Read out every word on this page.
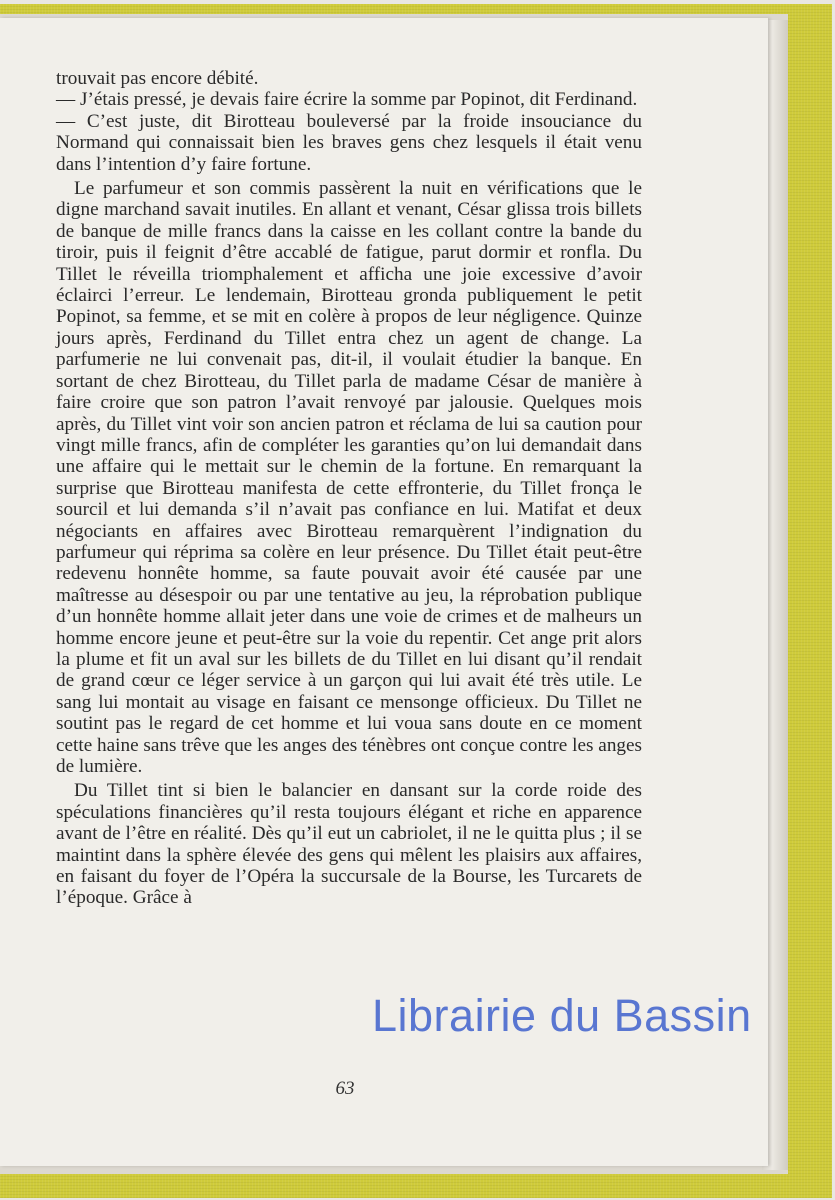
trouvait pas encore débité.

— J’étais pressé, je devais faire écrire la somme par Popinot, dit Ferdinand.

— C’est juste, dit Birotteau bouleversé par la froide insouciance du Normand qui connaissait bien les braves gens chez lesquels il était venu dans l’intention d’y faire fortune.

Le parfumeur et son commis passèrent la nuit en vérifications que le digne marchand savait inutiles. En allant et venant, César glissa trois billets de banque de mille francs dans la caisse en les collant contre la bande du tiroir, puis il feignit d’être accablé de fatigue, parut dormir et ronfla. Du Tillet le réveilla triomphalement et afficha une joie excessive d’avoir éclairci l’erreur. Le lendemain, Birotteau gronda publiquement le petit Popinot, sa femme, et se mit en colère à propos de leur négligence. Quinze jours après, Ferdinand du Tillet entra chez un agent de change. La parfumerie ne lui convenait pas, dit-il, il voulait étudier la banque. En sortant de chez Birotteau, du Tillet parla de madame César de manière à faire croire que son patron l’avait renvoyé par jalousie. Quelques mois après, du Tillet vint voir son ancien patron et réclama de lui sa caution pour vingt mille francs, afin de compléter les garanties qu’on lui demandait dans une affaire qui le mettait sur le chemin de la fortune. En remarquant la surprise que Birotteau manifesta de cette effronterie, du Tillet fronça le sourcil et lui demanda s’il n’avait pas confiance en lui. Matifat et deux négociants en affaires avec Birotteau remarquèrent l’indignation du parfumeur qui réprima sa colère en leur présence. Du Tillet était peut-être redevenu honnête homme, sa faute pouvait avoir été causée par une maîtresse au désespoir ou par une tentative au jeu, la réprobation publique d’un honnête homme allait jeter dans une voie de crimes et de malheurs un homme encore jeune et peut-être sur la voie du repentir. Cet ange prit alors la plume et fit un aval sur les billets de du Tillet en lui disant qu’il rendait de grand cœur ce léger service à un garçon qui lui avait été très utile. Le sang lui montait au visage en faisant ce mensonge officieux. Du Tillet ne soutint pas le regard de cet homme et lui voua sans doute en ce moment cette haine sans trêve que les anges des ténèbres ont conçue contre les anges de lumière.

Du Tillet tint si bien le balancier en dansant sur la corde roide des spéculations financières qu’il resta toujours élégant et riche en apparence avant de l’être en réalité. Dès qu’il eut un cabriolet, il ne le quitta plus ; il se maintint dans la sphère élevée des gens qui mêlent les plaisirs aux affaires, en faisant du foyer de l’Opéra la succursale de la Bourse, les Turcarets de l’époque. Grâce à

63
Librairie du Bassin
